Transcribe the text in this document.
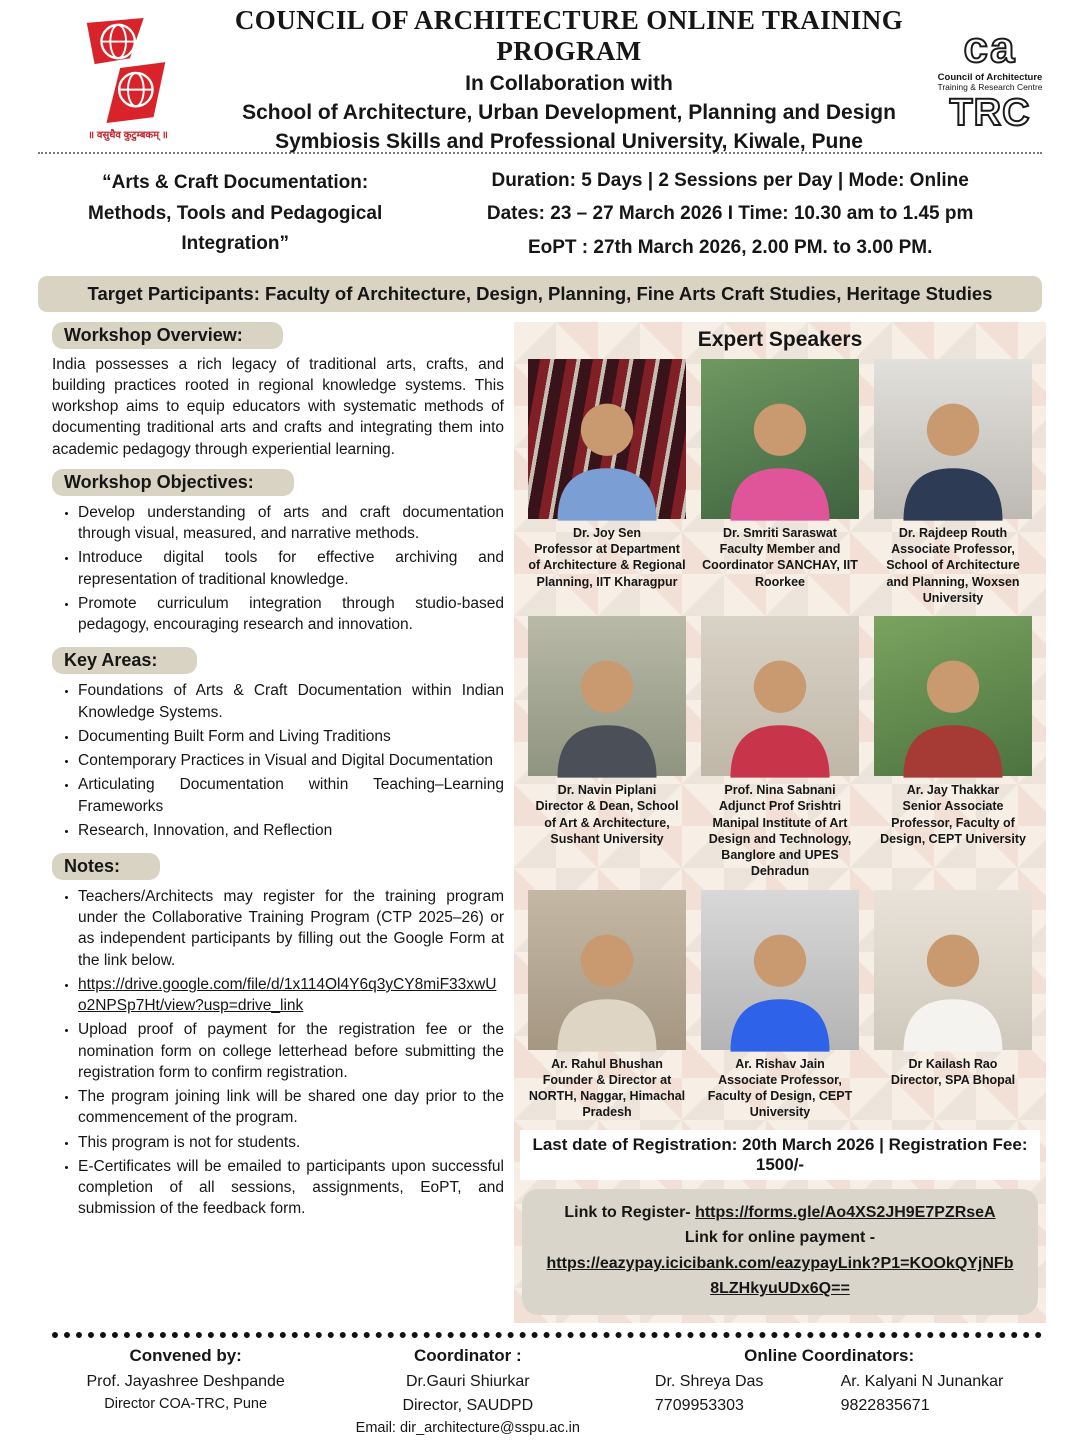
॥ वसुधैव कुटुम्बकम् ॥
COUNCIL OF ARCHITECTURE ONLINE TRAINING PROGRAM
In Collaboration with
School of Architecture, Urban Development, Planning and Design
Symbiosis Skills and Professional University, Kiwale, Pune
ca
Council of Architecture
Training & Research Centre
TRC
“Arts & Craft Documentation:
Methods, Tools and Pedagogical
Integration”
Duration: 5 Days | 2 Sessions per Day | Mode: Online
Dates: 23 – 27 March 2026 I Time: 10.30 am to 1.45 pm
EoPT : 27th March 2026, 2.00 PM. to 3.00 PM.
Target Participants: Faculty of Architecture, Design, Planning, Fine Arts Craft Studies, Heritage Studies
Workshop Overview:

India possesses a rich legacy of traditional arts, crafts, and building practices rooted in regional knowledge systems. This workshop aims to equip educators with systematic methods of documenting traditional arts and crafts and integrating them into academic pedagogy through experiential learning.

Workshop Objectives:
• Develop understanding of arts and craft documentation through visual, measured, and narrative methods.
• Introduce digital tools for effective archiving and representation of traditional knowledge.
• Promote curriculum integration through studio-based pedagogy, encouraging research and innovation.
Key Areas:
• Foundations of Arts & Craft Documentation within Indian Knowledge Systems.
• Documenting Built Form and Living Traditions
• Contemporary Practices in Visual and Digital Documentation
• Articulating Documentation within Teaching–Learning Frameworks
• Research, Innovation, and Reflection
Notes:
• Teachers/Architects may register for the training program under the Collaborative Training Program (CTP 2025–26) or as independent participants by filling out the Google Form at the link below.
• https://drive.google.com/file/d/1x114Ol4Y6q3yCY8miF33xwUo2NPSp7Ht/view?usp=drive_link
• Upload proof of payment for the registration fee or the nomination form on college letterhead before submitting the registration form to confirm registration.
• The program joining link will be shared one day prior to the commencement of the program.
• This program is not for students.
• E-Certificates will be emailed to participants upon successful completion of all sessions, assignments, EoPT, and submission of the feedback form.
Expert Speakers
Dr. Joy Sen
Professor at Department of Architecture & Regional Planning, IIT Kharagpur
Dr. Smriti Saraswat
Faculty Member and Coordinator SANCHAY, IIT Roorkee
Dr. Rajdeep Routh
Associate Professor, School of Architecture and Planning, Woxsen University
Dr. Navin Piplani
Director & Dean, School of Art & Architecture, Sushant University
Prof. Nina Sabnani
Adjunct Prof Srishtri Manipal Institute of Art Design and Technology, Banglore and UPES Dehradun
Ar. Jay Thakkar
Senior Associate Professor, Faculty of Design, CEPT University
Ar. Rahul Bhushan
Founder & Director at NORTH, Naggar, Himachal Pradesh
Ar. Rishav Jain
Associate Professor, Faculty of Design, CEPT University
Dr Kailash Rao
Director, SPA Bhopal
Last date of Registration: 20th March 2026 | Registration Fee: 1500/-
Link to Register- https://forms.gle/Ao4XS2JH9E7PZRseA
Link for online payment -
https://eazypay.icicibank.com/eazypayLink?P1=KOOkQYjNFb8LZHkyuUDx6Q==
Convened by:
Prof. Jayashree Deshpande
Director COA-TRC, Pune
Coordinator :
Dr.Gauri Shiurkar
Director, SAUDPD
Email: dir_architecture@sspu.ac.in
Online Coordinators:
Dr. Shreya Das
7709953303
Ar. Kalyani N Junankar
9822835671
